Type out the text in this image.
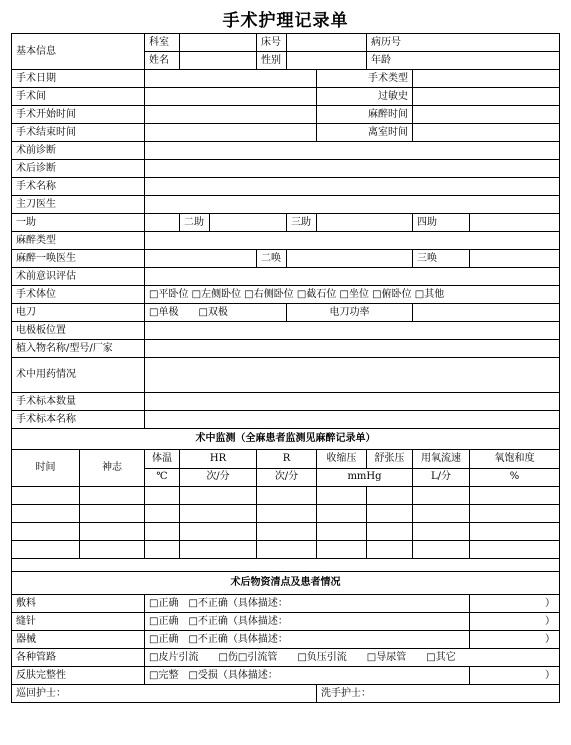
手术护理记录单
基本信息		科室			床号			病历号		
		姓名			性别			年龄		
手术日期							手术类型			
手术间							过敏史			
手术开始时间							麻醉时间			
手术结束时间							离室时间			
术前诊断										
术后诊断										
手术名称										
主刀医生										
一助			二助			三助			四助	
麻醉类型										
麻醉一唤医生					二唤				三唤	
术前意识评估										
手术体位		□平卧位 □左侧卧位 □右侧卧位 □截石位 □坐位 □俯卧位 □其他								
电刀		□单极　　□双极				电刀功率				
电极板位置										
植入物名称/型号/厂家										
术中用药情况										
手术标本数量										
手术标本名称										
术中监测（全麻患者监测见麻醉记录单）										
时间	神志	体温	HR		R		收缩压	舒张压	用氧流速	氧饱和度
		℃	次/分		次/分		mmHg		L/分	%

术后物资清点及患者情况										
敷料		□正确　□不正确（具体描述：								）
缝针		□正确　□不正确（具体描述：								）
器械		□正确　□不正确（具体描述：								）
各种管路		□皮片引流　　□伤□引流管　　□负压引流　　□导尿管　　□其它								
反肤完整性		□完整　□受损（具体描述：								）
巡回护士：							洗手护士：			
